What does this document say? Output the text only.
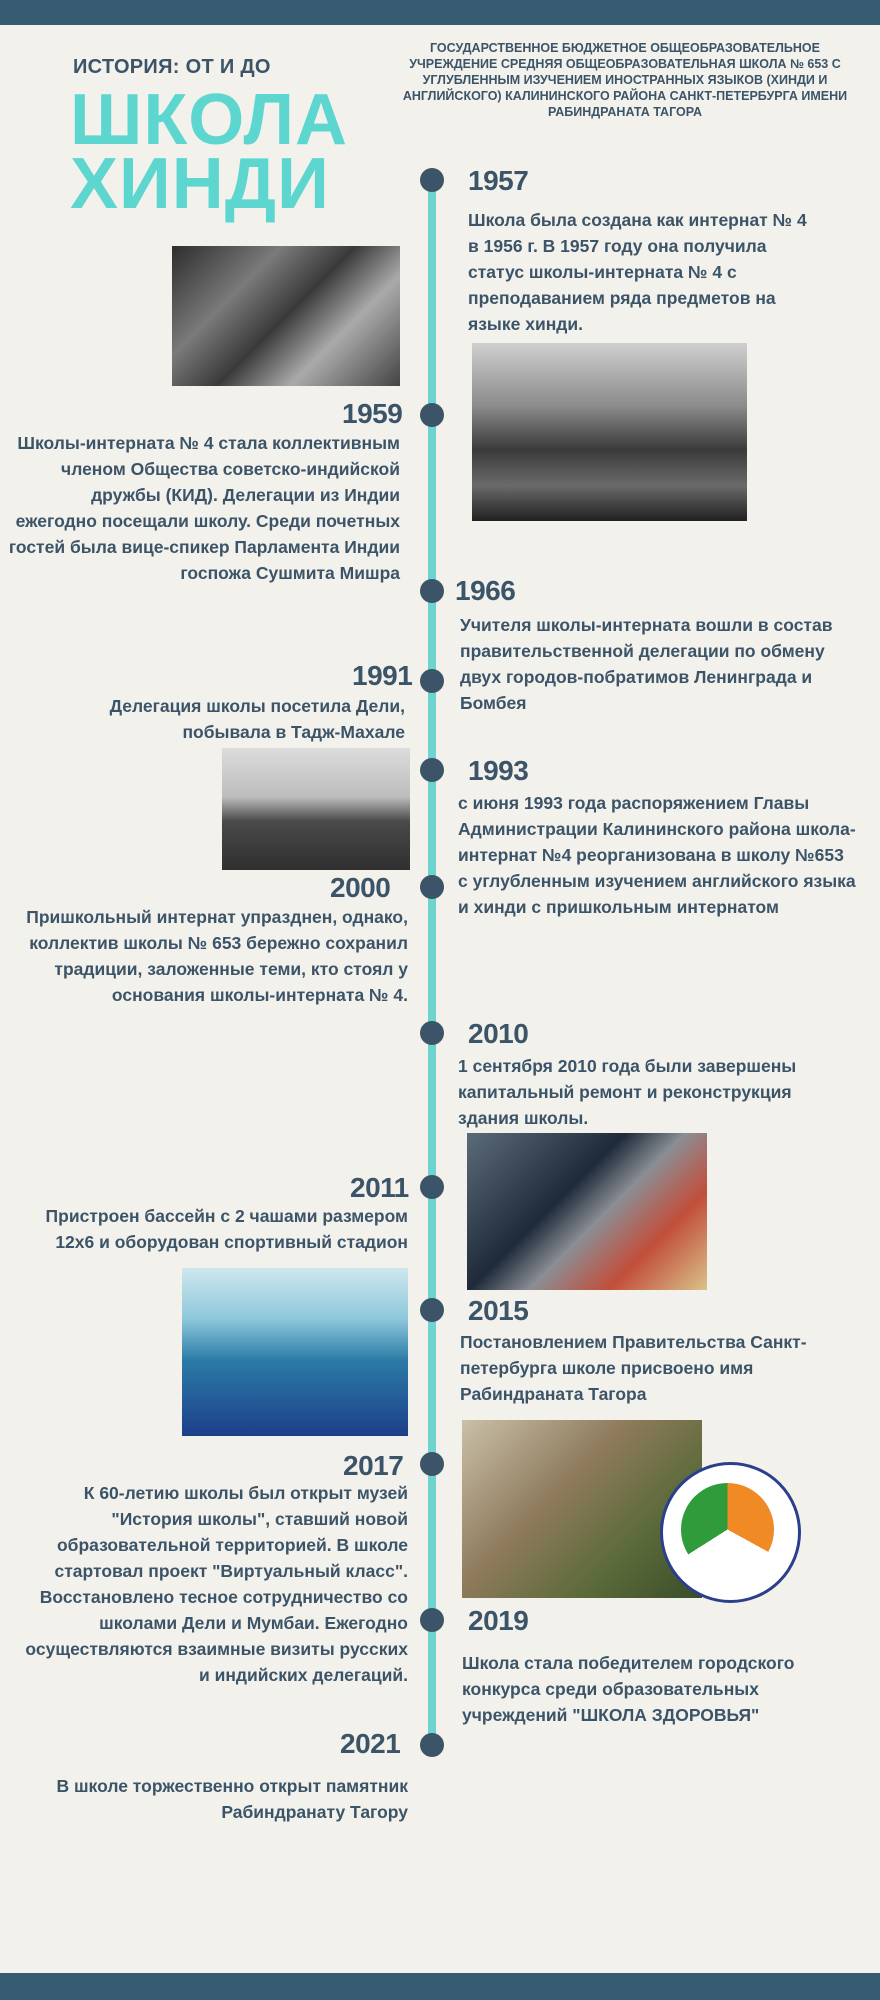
ИСТОРИЯ: ОТ И ДО
ШКОЛА
ХИНДИ
ГОСУДАРСТВЕННОЕ БЮДЖЕТНОЕ ОБЩЕОБРАЗОВАТЕЛЬНОЕ УЧРЕЖДЕНИЕ СРЕДНЯЯ ОБЩЕОБРАЗОВАТЕЛЬНАЯ ШКОЛА № 653 С УГЛУБЛЕННЫМ ИЗУЧЕНИЕМ ИНОСТРАННЫХ ЯЗЫКОВ (ХИНДИ И АНГЛИЙСКОГО) КАЛИНИНСКОГО РАЙОНА САНКТ-ПЕТЕРБУРГА ИМЕНИ РАБИНДРАНАТА ТАГОРА
1957
Школа была создана как интернат № 4 в 1956 г. В 1957 году она получила статус школы-интерната № 4 с преподаванием ряда предметов на языке хинди.
1959
Школы-интерната № 4 стала коллективным членом Общества советско-индийской дружбы (КИД). Делегации из Индии ежегодно посещали школу. Среди почетных гостей была вице-спикер Парламента Индии госпожа Сушмита Мишра
1966
Учителя школы-интерната вошли в состав правительственной делегации по обмену двух городов-побратимов Ленинграда и Бомбея
1991
Делегация школы посетила Дели, побывала в Тадж-Махале
1993
с июня 1993 года распоряжением Главы Администрации Калининского района школа-интернат №4 реорганизована в школу №653 с углубленным изучением английского языка и хинди с пришкольным интернатом
2000
Пришкольный интернат упразднен, однако, коллектив школы № 653 бережно сохранил традиции, заложенные теми, кто стоял у основания школы-интерната № 4.
2010
1 сентября 2010 года были завершены капитальный ремонт и реконструкция здания школы.
2011
Пристроен бассейн с 2 чашами размером 12х6 и оборудован спортивный стадион
2015
Постановлением Правительства Санкт-петербурга школе присвоено имя Рабиндраната Тагора
2017
К 60-летию школы был открыт музей "История школы", ставший новой образовательной территорией. В школе стартовал проект "Виртуальный класс". Восстановлено тесное сотрудничество со школами Дели и Мумбаи. Ежегодно осуществляются взаимные визиты русских и индийских делегаций.
2019
Школа стала победителем городского конкурса среди образовательных учреждений "ШКОЛА ЗДОРОВЬЯ"
2021
В школе торжественно открыт памятник Рабиндранату Тагору
